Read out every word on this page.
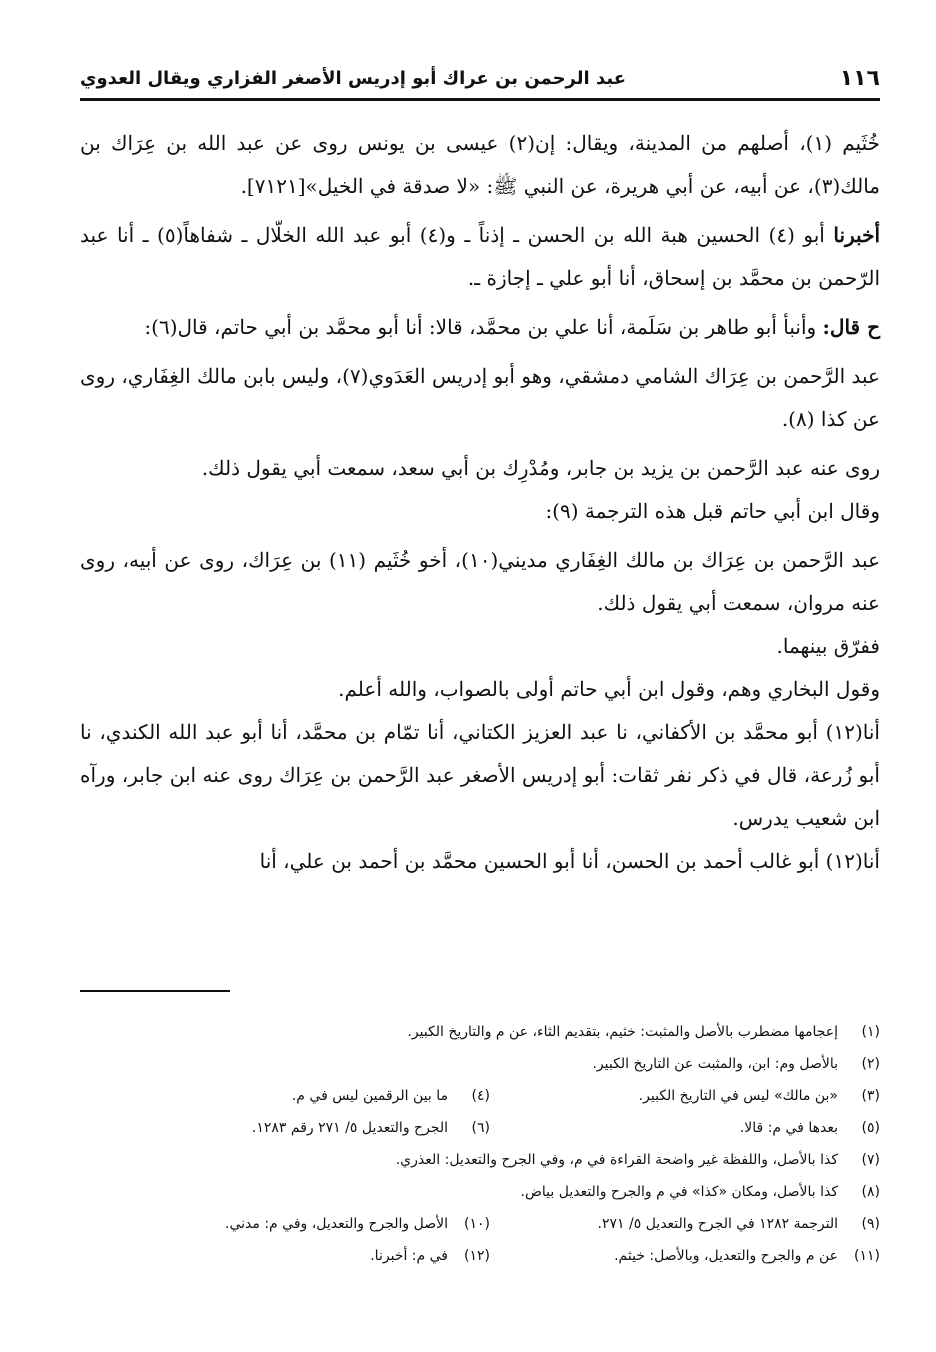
١١٦
عبد الرحمن بن عراك أبو إدريس الأصغر الفزاري ويقال العدوي

خُثَيم (١)، أصلهم من المدينة، ويقال: إن(٢) عيسى بن يونس روى عن عبد الله بن عِرَاك بن مالك(٣)، عن أبيه، عن أبي هريرة، عن النبي ﷺ: «لا صدقة في الخيل»[٧١٢١].

أخبرنا أبو (٤) الحسين هبة الله بن الحسن ـ إذناً ـ و(٤) أبو عبد الله الخلّال ـ شفاهاً(٥) ـ أنا عبد الرّحمن بن محمَّد بن إسحاق، أنا أبو علي ـ إجازة ـ.

ح قال: وأنبأ أبو طاهر بن سَلَمة، أنا علي بن محمَّد، قالا: أنا أبو محمَّد بن أبي حاتم، قال(٦):

عبد الرَّحمن بن عِرَاك الشامي دمشقي، وهو أبو إدريس العَدَوي(٧)، وليس بابن مالك الغِفَاري، روى عن كذا (٨).

روى عنه عبد الرَّحمن بن يزيد بن جابر، ومُدْرِك بن أبي سعد، سمعت أبي يقول ذلك.

وقال ابن أبي حاتم قبل هذه الترجمة (٩):

عبد الرَّحمن بن عِرَاك بن مالك الغِفَاري مديني(١٠)، أخو خُثَيم (١١) بن عِرَاك، روى عن أبيه، روى عنه مروان، سمعت أبي يقول ذلك.

ففرّق بينهما.

وقول البخاري وهم، وقول ابن أبي حاتم أولى بالصواب، والله أعلم.

أنا(١٢) أبو محمَّد بن الأكفاني، نا عبد العزيز الكتاني، أنا تمّام بن محمَّد، أنا أبو عبد الله الكندي، نا أبو زُرعة، قال في ذكر نفر ثقات: أبو إدريس الأصغر عبد الرَّحمن بن عِرَاك روى عنه ابن جابر، ورآه ابن شعيب يدرس.

أنا(١٢) أبو غالب أحمد بن الحسن، أنا أبو الحسين محمَّد بن أحمد بن علي، أنا

(١)
إعجامها مضطرب بالأصل والمثبت: خثيم، بتقديم الثاء، عن م والتاريخ الكبير.
(٢)
بالأصل وم: ابن، والمثبت عن التاريخ الكبير.
(٣)
«بن مالك» ليس في التاريخ الكبير.
(٤)
ما بين الرقمين ليس في م.
(٥)
بعدها في م: قالا.
(٦)
الجرح والتعديل ٥/ ٢٧١ رقم ١٢٨٣.
(٧)
كذا بالأصل، واللفظة غير واضحة القراءة في م، وفي الجرح والتعديل: العذري.
(٨)
كذا بالأصل، ومكان «كذا» في م والجرح والتعديل بياض.
(٩)
الترجمة ١٢٨٢ في الجرح والتعديل ٥/ ٢٧١.
(١٠)
الأصل والجرح والتعديل، وفي م: مدني.
(١١)
عن م والجرح والتعديل، وبالأصل: خيثم.
(١٢)
في م: أخبرنا.
